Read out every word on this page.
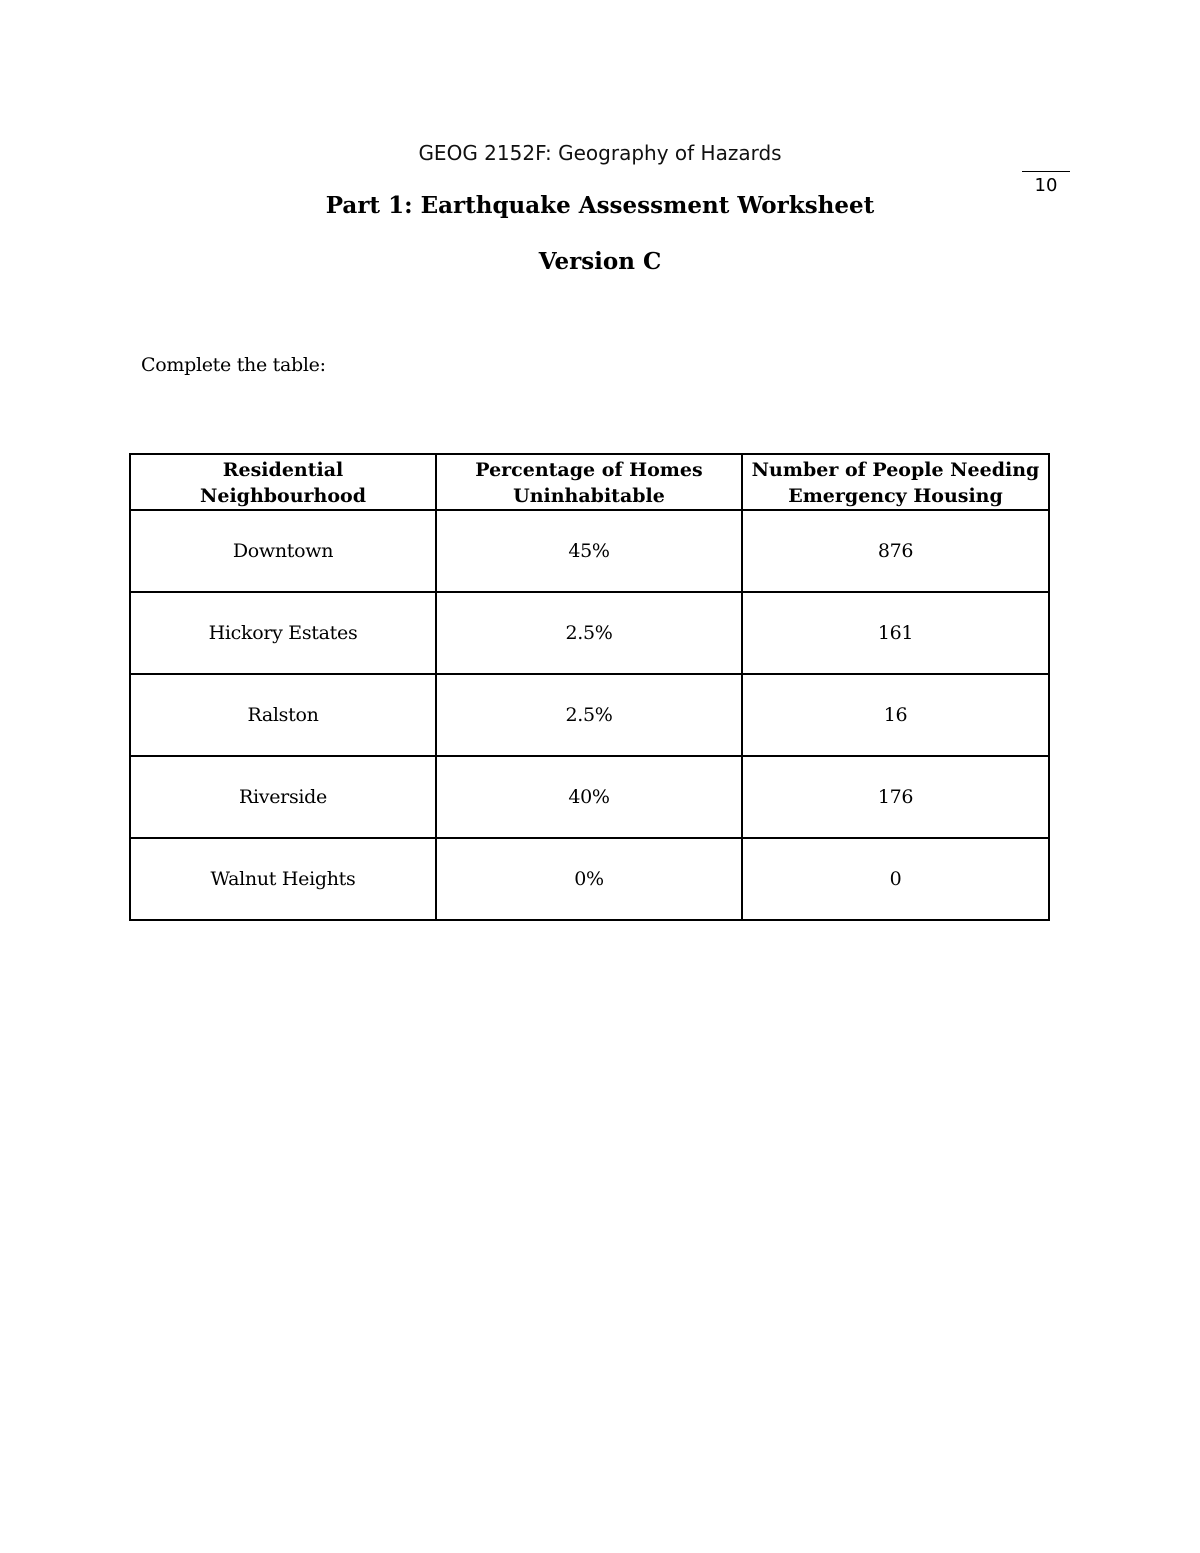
GEOG 2152F: Geography of Hazards
10
Part 1: Earthquake Assessment Worksheet
Version C
Complete the table:
Residential Neighbourhood	Percentage of Homes Uninhabitable	Number of People Needing Emergency Housing
Downtown	45%	876
Hickory Estates	2.5%	161
Ralston	2.5%	16
Riverside	40%	176
Walnut Heights	0%	0
